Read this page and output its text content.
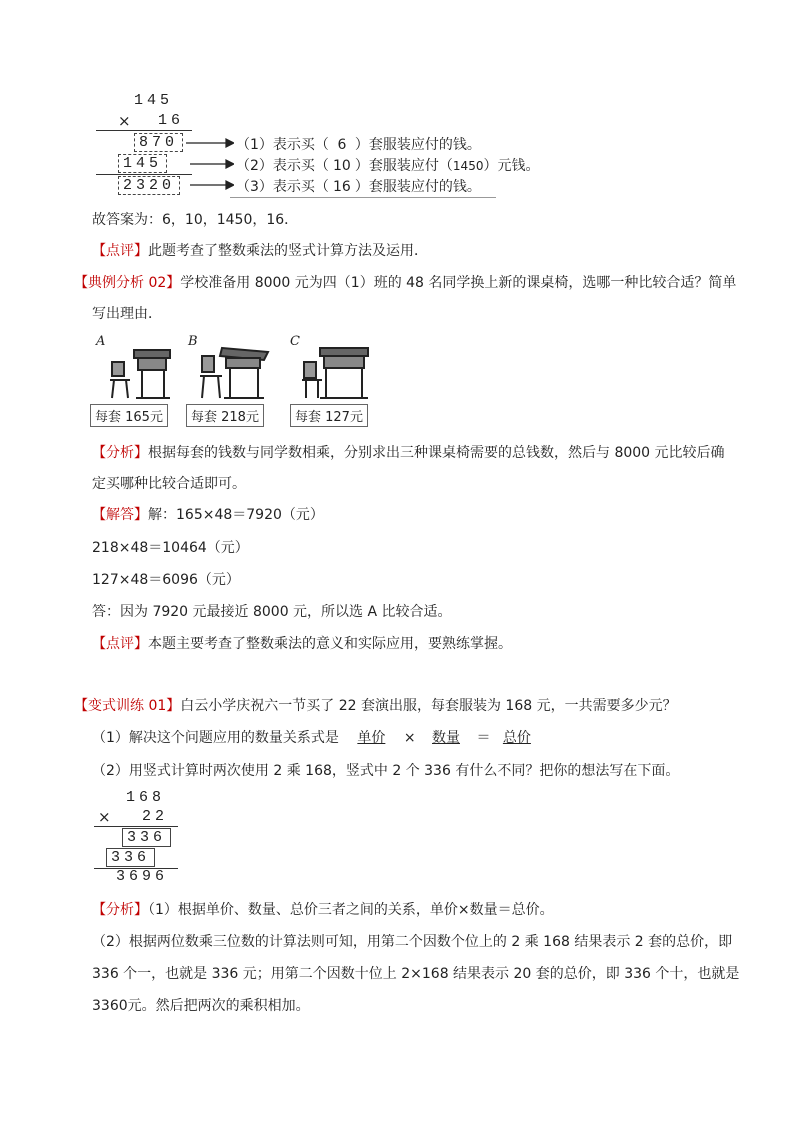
145
× 16
870
145
2320
（1）表示买（ 6 ）套服装应付的钱。
（2）表示买（ 10 ）套服装应付（1450）元钱。
（3）表示买（ 16 ）套服装应付的钱。
故答案为：6，10，1450，16．
【点评】此题考查了整数乘法的竖式计算方法及运用．
【典例分析 02】学校准备用 8000 元为四（1）班的 48 名同学换上新的课桌椅，选哪一种比较合适？简单
写出理由．
A
每套 165元
B
每套 218元
C
每套 127元
【分析】根据每套的钱数与同学数相乘，分别求出三种课桌椅需要的总钱数，然后与 8000 元比较后确
定买哪种比较合适即可。
【解答】解：165×48＝7920（元）
218×48＝10464（元）
127×48＝6096（元）
答：因为 7920 元最接近 8000 元，所以选 A 比较合适。
【点评】本题主要考查了整数乘法的意义和实际应用，要熟练掌握。
【变式训练 01】白云小学庆祝六一节买了 22 套演出服，每套服装为 168 元，一共需要多少元？
（1）解决这个问题应用的数量关系式是 单价 × 数量 ＝ 总价
（2）用竖式计算时两次使用 2 乘 168，竖式中 2 个 336 有什么不同？把你的想法写在下面。
168
× 22
336
336
3696
【分析】（1）根据单价、数量、总价三者之间的关系，单价×数量＝总价。
（2）根据两位数乘三位数的计算法则可知，用第二个因数个位上的 2 乘 168 结果表示 2 套的总价，即
336 个一，也就是 336 元；用第二个因数十位上 2×168 结果表示 20 套的总价，即 336 个十，也就是
3360元。然后把两次的乘积相加。
